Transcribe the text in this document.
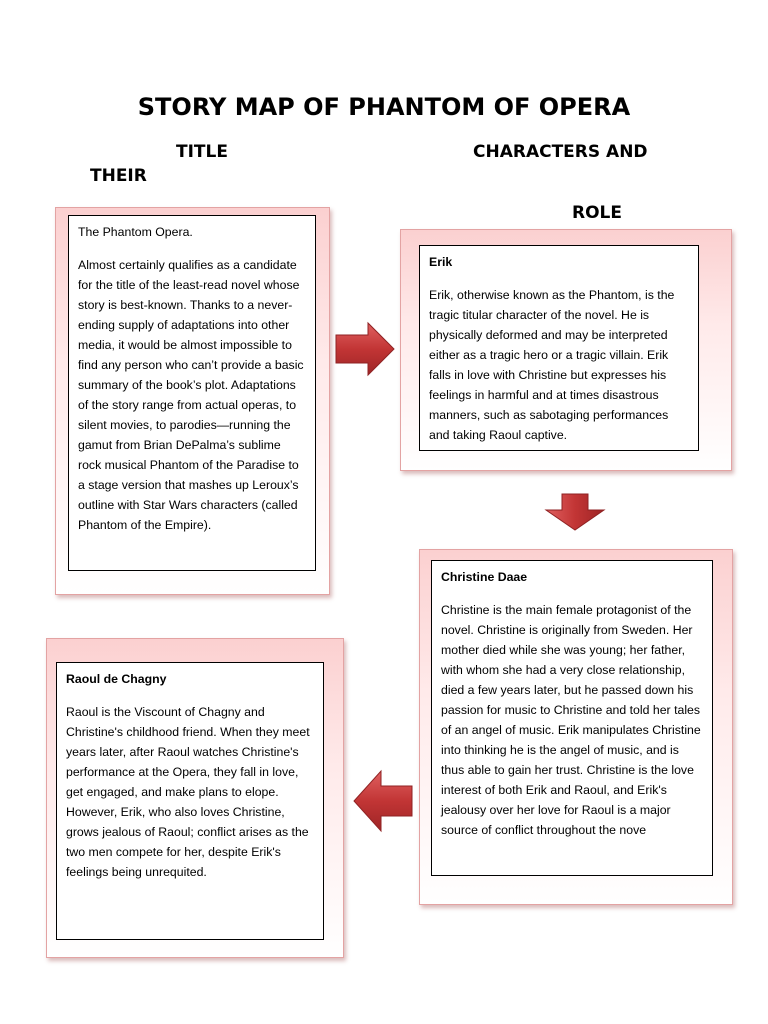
STORY MAP OF PHANTOM OF OPERA
TITLE	CHARACTERS AND
THEIR
ROLE

The Phantom Opera.

Almost certainly qualifies as a candidate for the title of the least-read novel whose story is best-known. Thanks to a never-ending supply of adaptations into other media, it would be almost impossible to find any person who can’t provide a basic summary of the book’s plot. Adaptations of the story range from actual operas, to silent movies, to parodies—running the gamut from Brian DePalma’s sublime rock musical Phantom of the Paradise to a stage version that mashes up Leroux’s outline with Star Wars characters (called Phantom of the Empire).

Erik

Erik, otherwise known as the Phantom, is the tragic titular character of the novel. He is physically deformed and may be interpreted either as a tragic hero or a tragic villain. Erik falls in love with Christine but expresses his feelings in harmful and at times disastrous manners, such as sabotaging performances and taking Raoul captive.

Christine Daae

Christine is the main female protagonist of the novel. Christine is originally from Sweden. Her mother died while she was young; her father, with whom she had a very close relationship, died a few years later, but he passed down his passion for music to Christine and told her tales of an angel of music. Erik manipulates Christine into thinking he is the angel of music, and is thus able to gain her trust. Christine is the love interest of both Erik and Raoul, and Erik's jealousy over her love for Raoul is a major source of conflict throughout the nove

Raoul de Chagny

Raoul is the Viscount of Chagny and Christine's childhood friend. When they meet years later, after Raoul watches Christine's performance at the Opera, they fall in love, get engaged, and make plans to elope. However, Erik, who also loves Christine, grows jealous of Raoul; conflict arises as the two men compete for her, despite Erik's feelings being unrequited.
